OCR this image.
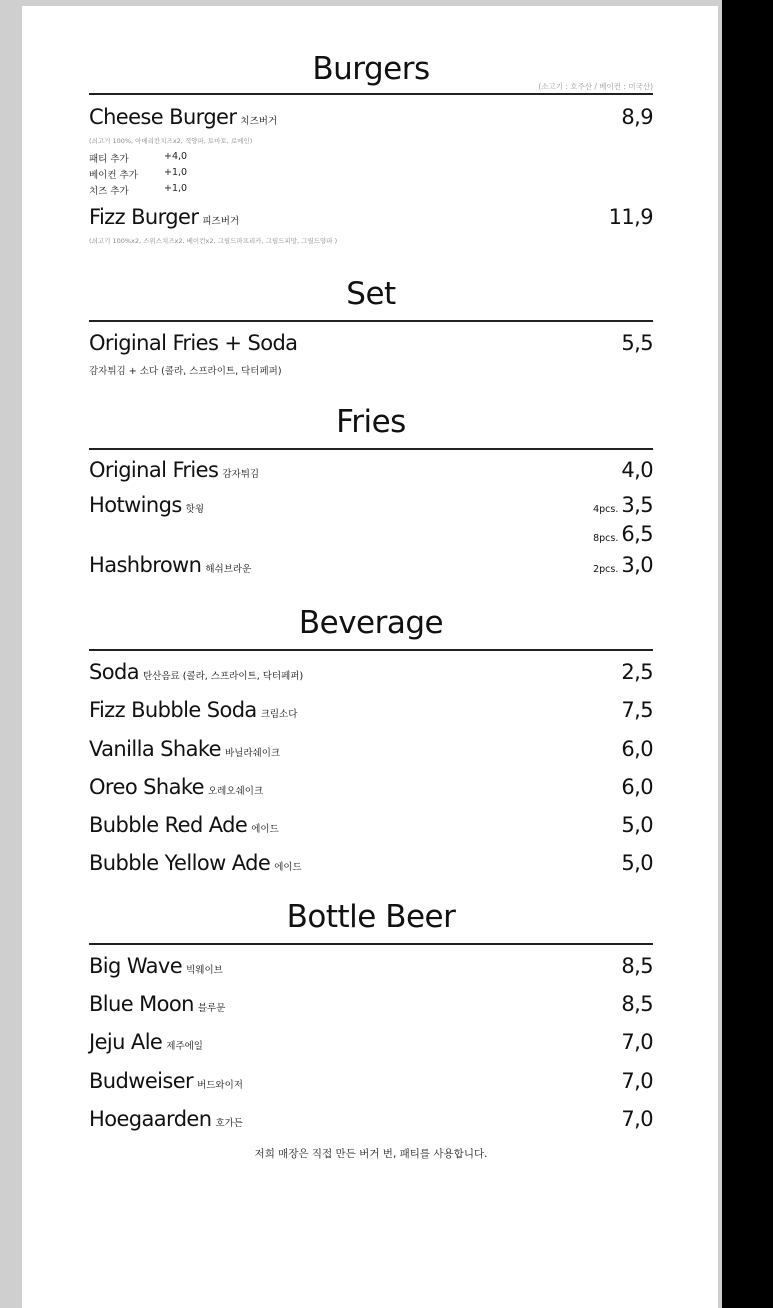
Burgers	(소고기 : 호주산 / 베이컨 : 미국산)
Cheese Burger 치즈버거	8,9
(쇠고기 100%, 아메리칸치즈x2, 적양파, 토마토, 로메인)
패티 추가	+4,0
베이컨 추가	+1,0
치즈 추가	+1,0
Fizz Burger 피즈버거	11,9
(쇠고기 100%x2, 스위스치즈x2, 베이컨x2, 그릴드파프리카, 그릴드피망, 그릴드양파 )
Set
Original Fries + Soda	5,5
감자튀김 + 소다 (콜라, 스프라이트, 닥터페퍼)
Fries
Original Fries 감자튀김	4,0
Hotwings 핫윙	4pcs. 3,5
8pcs. 6,5
Hashbrown 해쉬브라운	2pcs. 3,0
Beverage
Soda 탄산음료 (콜라, 스프라이트, 닥터페퍼)	2,5
Fizz Bubble Soda 크림소다	7,5
Vanilla Shake 바닐라쉐이크	6,0
Oreo Shake 오레오쉐이크	6,0
Bubble Red Ade 에이드	5,0
Bubble Yellow Ade 에이드	5,0
Bottle Beer
Big Wave 빅웨이브	8,5
Blue Moon 블루문	8,5
Jeju Ale 제주에일	7,0
Budweiser 버드와이저	7,0
Hoegaarden 호가든	7,0
저희 매장은 직접 만든 버거 번, 패티를 사용합니다.
